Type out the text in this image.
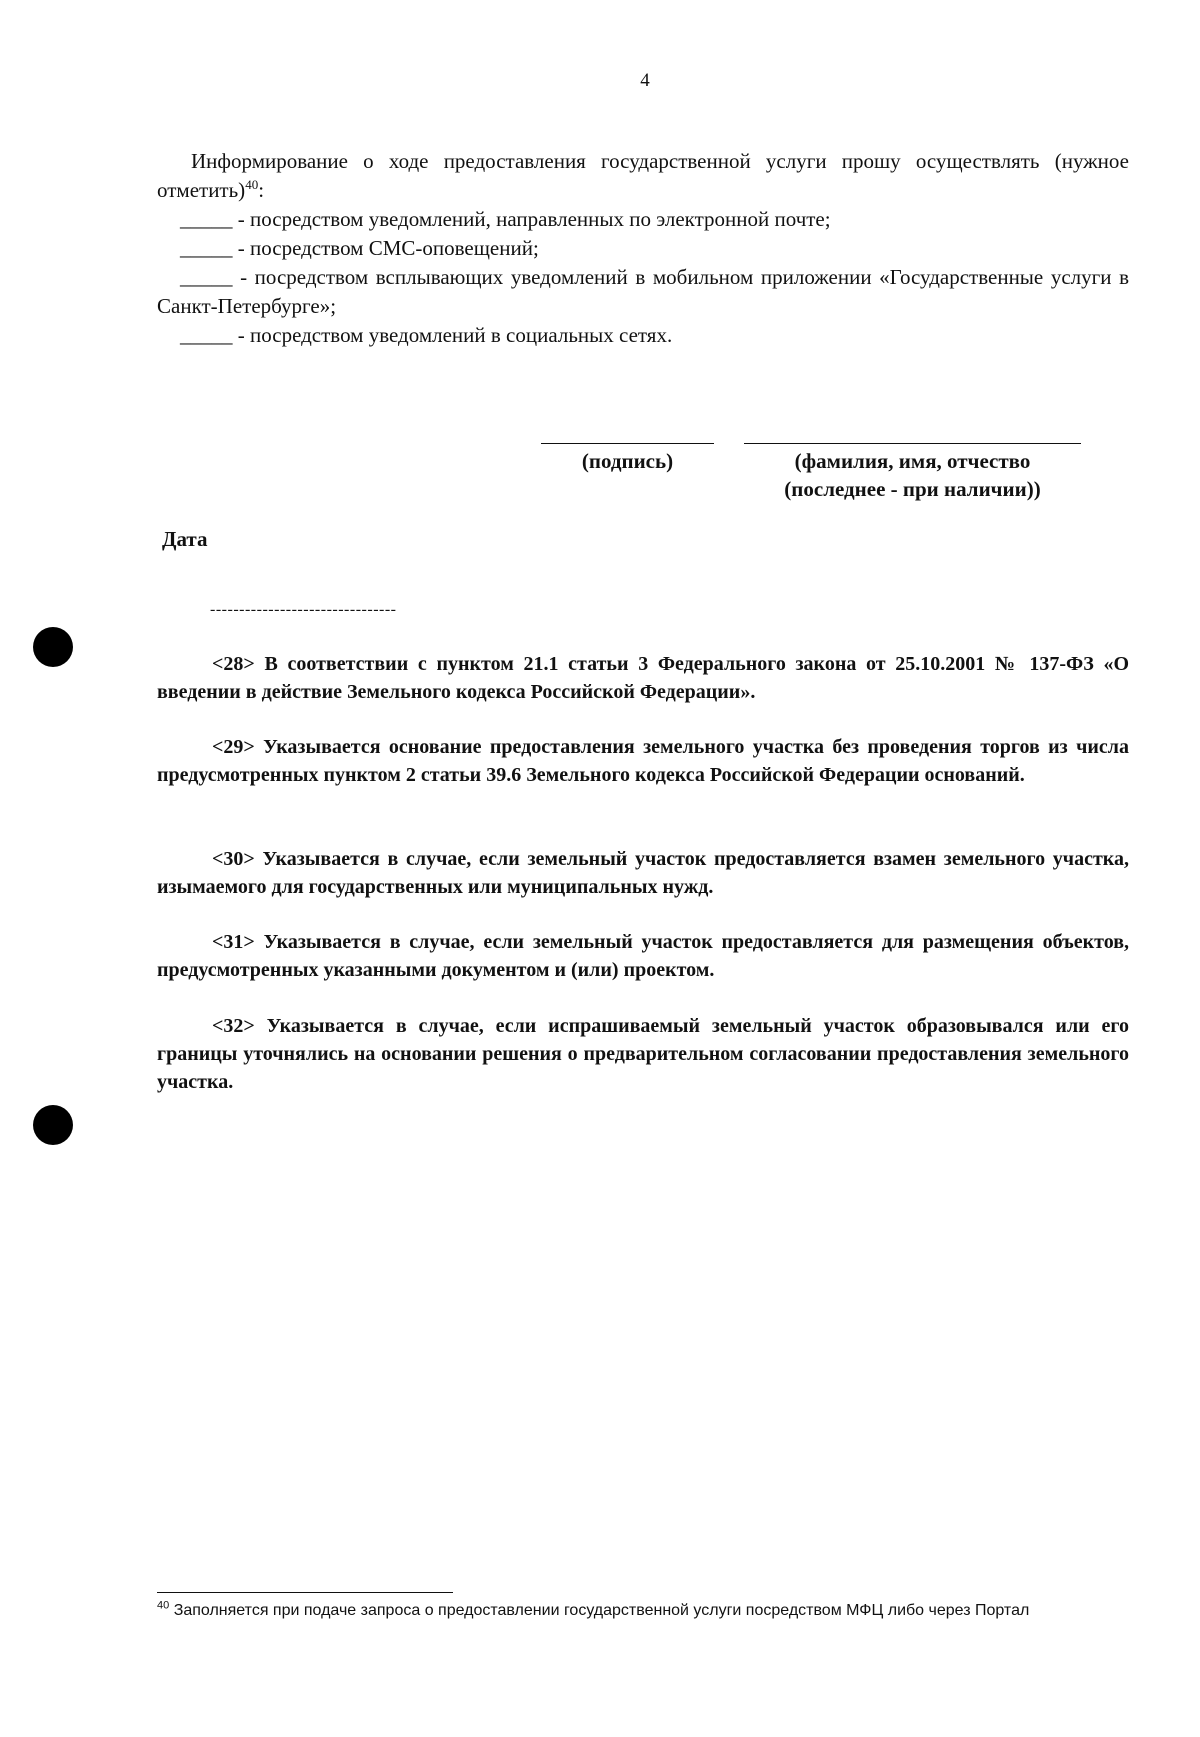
4
Информирование о ходе предоставления государственной услуги прошу осуществлять (нужное отметить)$^{40}$:
_____ - посредством уведомлений, направленных по электронной почте;
_____ - посредством СМС-оповещений;
_____ - посредством всплывающих уведомлений в мобильном приложении «Государственные услуги в Санкт-Петербурге»;
_____ - посредством уведомлений в социальных сетях.
(подпись)	(фамилия, имя, отчество
(последнее - при наличии))
Дата
--------------------------------
<28> В соответствии с пунктом 21.1 статьи 3 Федерального закона от 25.10.2001 № 137-ФЗ «О введении в действие Земельного кодекса Российской Федерации».
<29> Указывается основание предоставления земельного участка без проведения торгов из числа предусмотренных пунктом 2 статьи 39.6 Земельного кодекса Российской Федерации оснований.
<30> Указывается в случае, если земельный участок предоставляется взамен земельного участка, изымаемого для государственных или муниципальных нужд.
<31> Указывается в случае, если земельный участок предоставляется для размещения объектов, предусмотренных указанными документом и (или) проектом.
<32> Указывается в случае, если испрашиваемый земельный участок образовывался или его границы уточнялись на основании решения о предварительном согласовании предоставления земельного участка.
$^{40}$ Заполняется при подаче запроса о предоставлении государственной услуги посредством МФЦ либо через Портал
